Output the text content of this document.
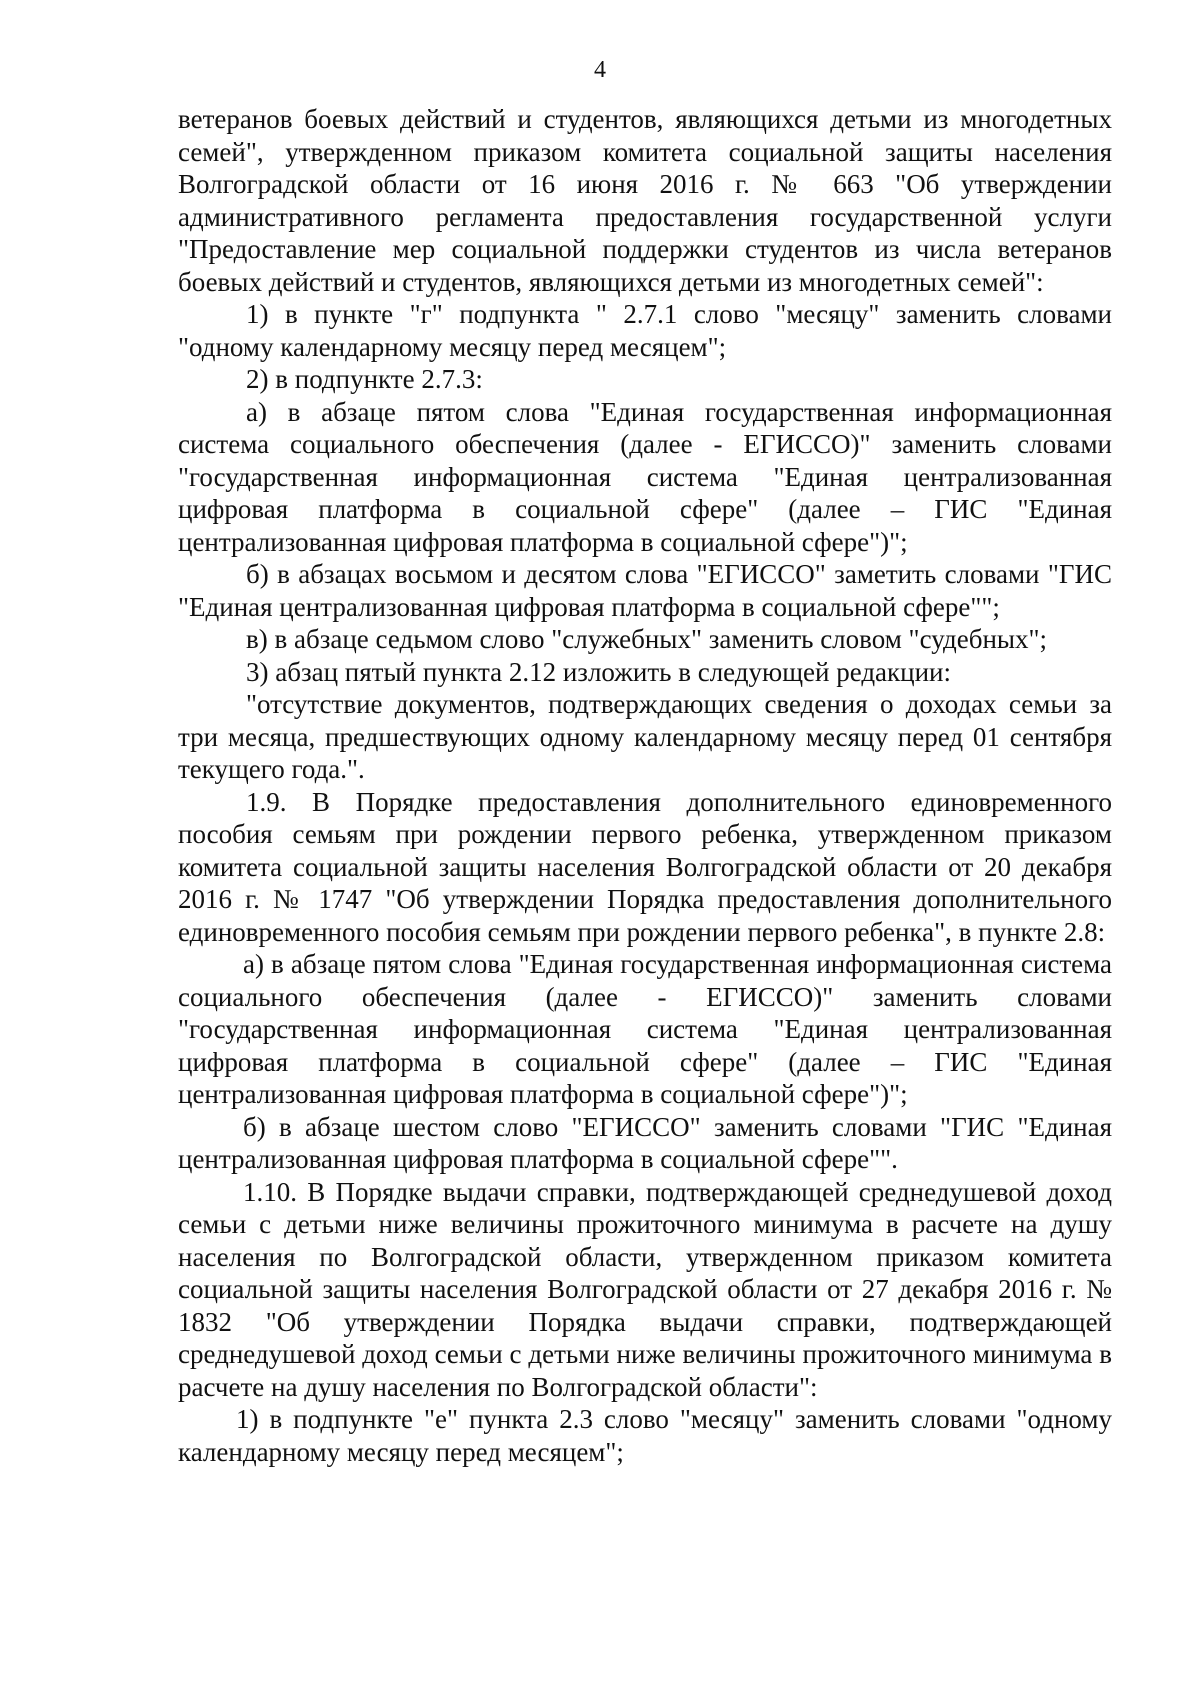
4

ветеранов боевых действий и студентов, являющихся детьми из многодетных семей", утвержденном приказом комитета социальной защиты населения Волгоградской области от 16 июня 2016 г. № 663 "Об утверждении административного регламента предоставления государственной услуги "Предоставление мер социальной поддержки студентов из числа ветеранов боевых действий и студентов, являющихся детьми из многодетных семей":

1) в пункте "г" подпункта " 2.7.1 слово "месяцу" заменить словами "одному календарному месяцу перед месяцем";

2) в подпункте 2.7.3:

а) в абзаце пятом слова "Единая государственная информационная система социального обеспечения (далее - ЕГИССО)" заменить словами "государственная информационная система "Единая централизованная цифровая платформа в социальной сфере" (далее – ГИС "Единая централизованная цифровая платформа в социальной сфере")";

б) в абзацах восьмом и десятом слова "ЕГИССО" заметить словами "ГИС "Единая централизованная цифровая платформа в социальной сфере"";

в) в абзаце седьмом слово "служебных" заменить словом "судебных";

3) абзац пятый пункта 2.12 изложить в следующей редакции:

"отсутствие документов, подтверждающих сведения о доходах семьи за три месяца, предшествующих одному календарному месяцу перед 01 сентября текущего года.".

1.9. В Порядке предоставления дополнительного единовременного пособия семьям при рождении первого ребенка, утвержденном приказом комитета социальной защиты населения Волгоградской области от 20 декабря 2016 г. № 1747 "Об утверждении Порядка предоставления дополнительного единовременного пособия семьям при рождении первого ребенка", в пункте 2.8:

а) в абзаце пятом слова "Единая государственная информационная система социального обеспечения (далее - ЕГИССО)" заменить словами "государственная информационная система "Единая централизованная цифровая платформа в социальной сфере" (далее – ГИС "Единая централизованная цифровая платформа в социальной сфере")";

б) в абзаце шестом слово "ЕГИССО" заменить словами "ГИС "Единая централизованная цифровая платформа в социальной сфере"".

1.10. В Порядке выдачи справки, подтверждающей среднедушевой доход семьи с детьми ниже величины прожиточного минимума в расчете на душу населения по Волгоградской области, утвержденном приказом комитета социальной защиты населения Волгоградской области от 27 декабря 2016 г. № 1832 "Об утверждении Порядка выдачи справки, подтверждающей среднедушевой доход семьи с детьми ниже величины прожиточного минимума в расчете на душу населения по Волгоградской области":

1) в подпункте "е" пункта 2.3 слово "месяцу" заменить словами "одному календарному месяцу перед месяцем";
